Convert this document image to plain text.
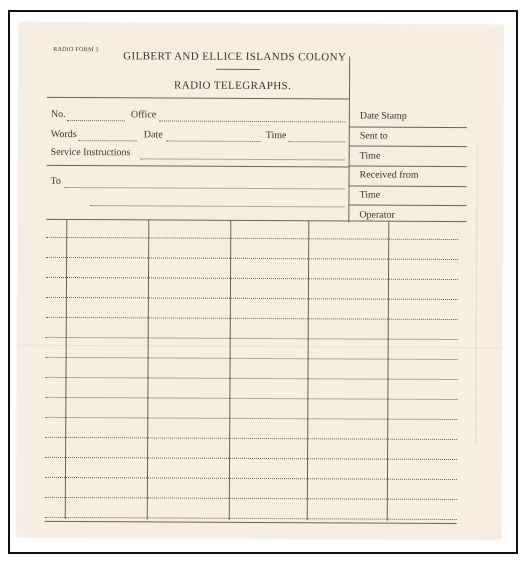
RADIO FORM 1
GILBERT AND ELLICE ISLANDS COLONY
RADIO TELEGRAPHS.
No.	Office
Words	Date	Time
Service Instructions
To
Date Stamp
Sent to
Time
Received from
Time
Operator
